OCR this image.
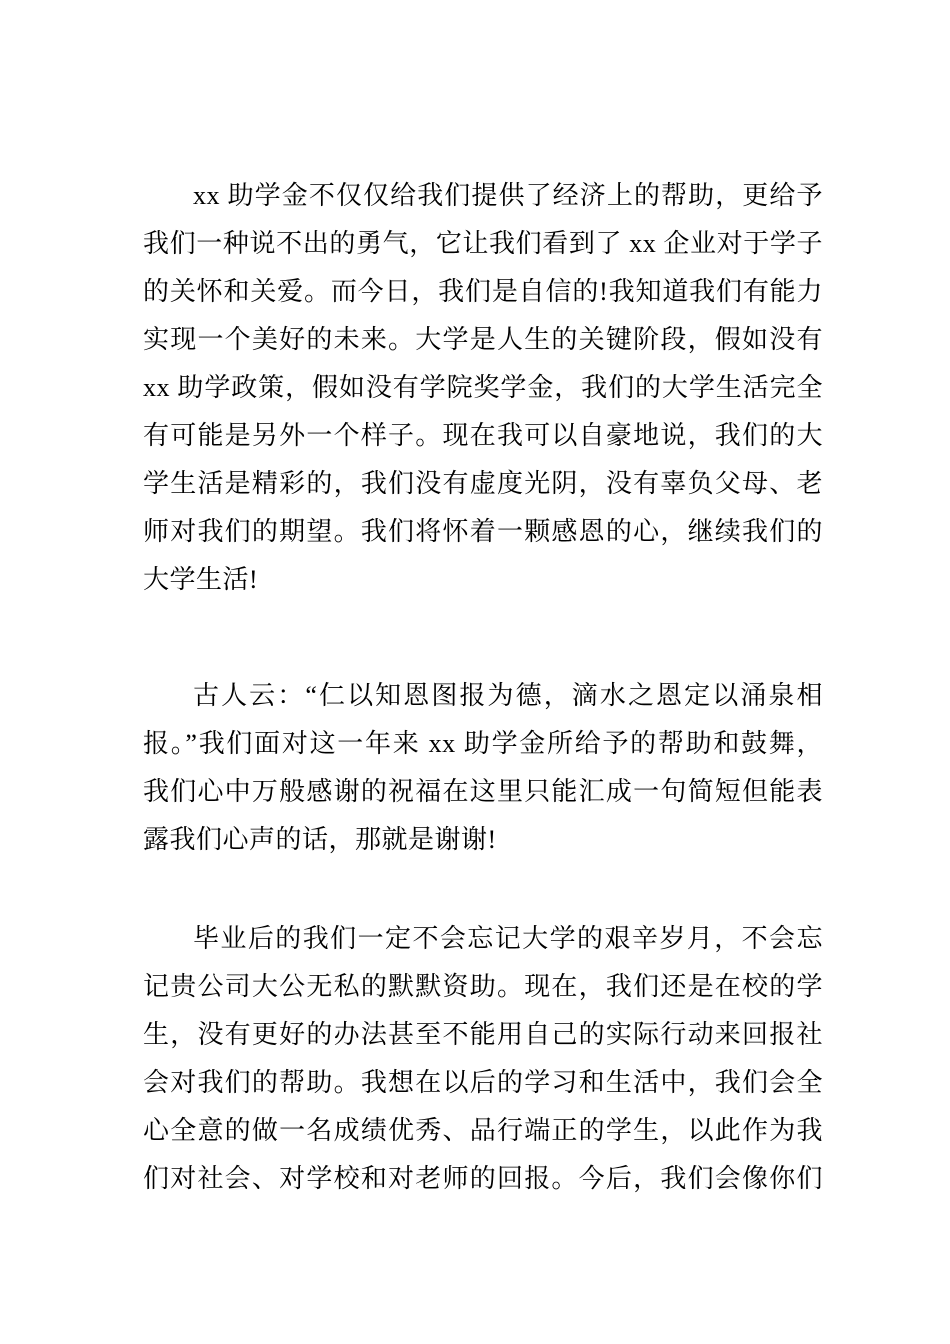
xx 助学金不仅仅给我们提供了经济上的帮助，更给予
我们一种说不出的勇气，它让我们看到了 xx 企业对于学子
的关怀和关爱。而今日，我们是自信的!我知道我们有能力
实现一个美好的未来。大学是人生的关键阶段，假如没有
xx 助学政策，假如没有学院奖学金，我们的大学生活完全
有可能是另外一个样子。现在我可以自豪地说，我们的大
学生活是精彩的，我们没有虚度光阴，没有辜负父母、老
师对我们的期望。我们将怀着一颗感恩的心，继续我们的
大学生活!
古人云：“仁以知恩图报为德，滴水之恩定以涌泉相
报。”我们面对这一年来 xx 助学金所给予的帮助和鼓舞，
我们心中万般感谢的祝福在这里只能汇成一句简短但能表
露我们心声的话，那就是谢谢!
毕业后的我们一定不会忘记大学的艰辛岁月，不会忘
记贵公司大公无私的默默资助。现在，我们还是在校的学
生，没有更好的办法甚至不能用自己的实际行动来回报社
会对我们的帮助。我想在以后的学习和生活中，我们会全
心全意的做一名成绩优秀、品行端正的学生，以此作为我
们对社会、对学校和对老师的回报。今后，我们会像你们
